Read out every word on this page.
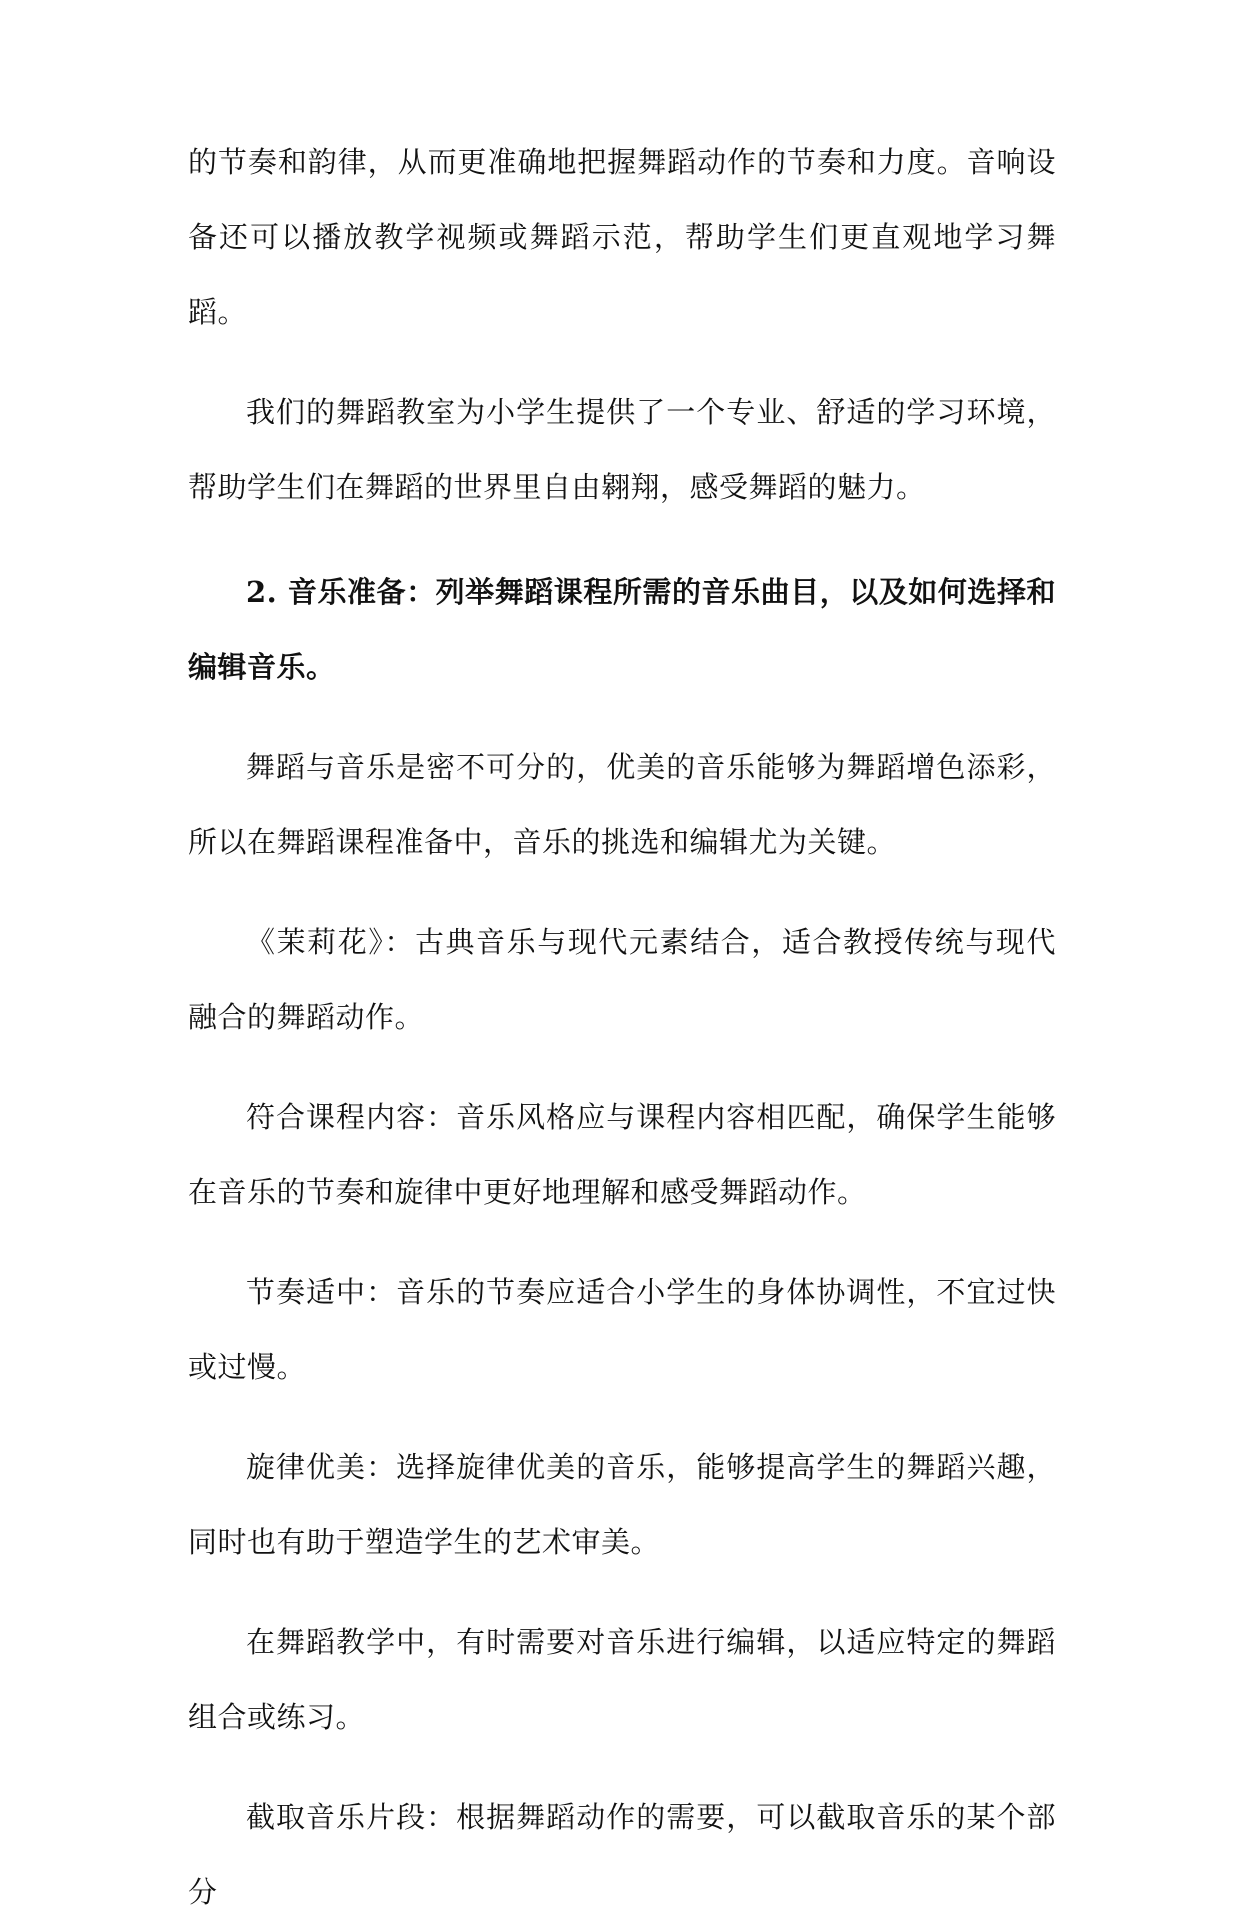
的节奏和韵律，从而更准确地把握舞蹈动作的节奏和力度。音响设备还可以播放教学视频或舞蹈示范，帮助学生们更直观地学习舞蹈。

我们的舞蹈教室为小学生提供了一个专业、舒适的学习环境，帮助学生们在舞蹈的世界里自由翱翔，感受舞蹈的魅力。

2. 音乐准备：列举舞蹈课程所需的音乐曲目，以及如何选择和编辑音乐。

舞蹈与音乐是密不可分的，优美的音乐能够为舞蹈增色添彩，所以在舞蹈课程准备中，音乐的挑选和编辑尤为关键。

《茉莉花》：古典音乐与现代元素结合，适合教授传统与现代融合的舞蹈动作。

符合课程内容：音乐风格应与课程内容相匹配，确保学生能够在音乐的节奏和旋律中更好地理解和感受舞蹈动作。

节奏适中：音乐的节奏应适合小学生的身体协调性，不宜过快或过慢。

旋律优美：选择旋律优美的音乐，能够提高学生的舞蹈兴趣，同时也有助于塑造学生的艺术审美。

在舞蹈教学中，有时需要对音乐进行编辑，以适应特定的舞蹈组合或练习。

截取音乐片段：根据舞蹈动作的需要，可以截取音乐的某个部分
